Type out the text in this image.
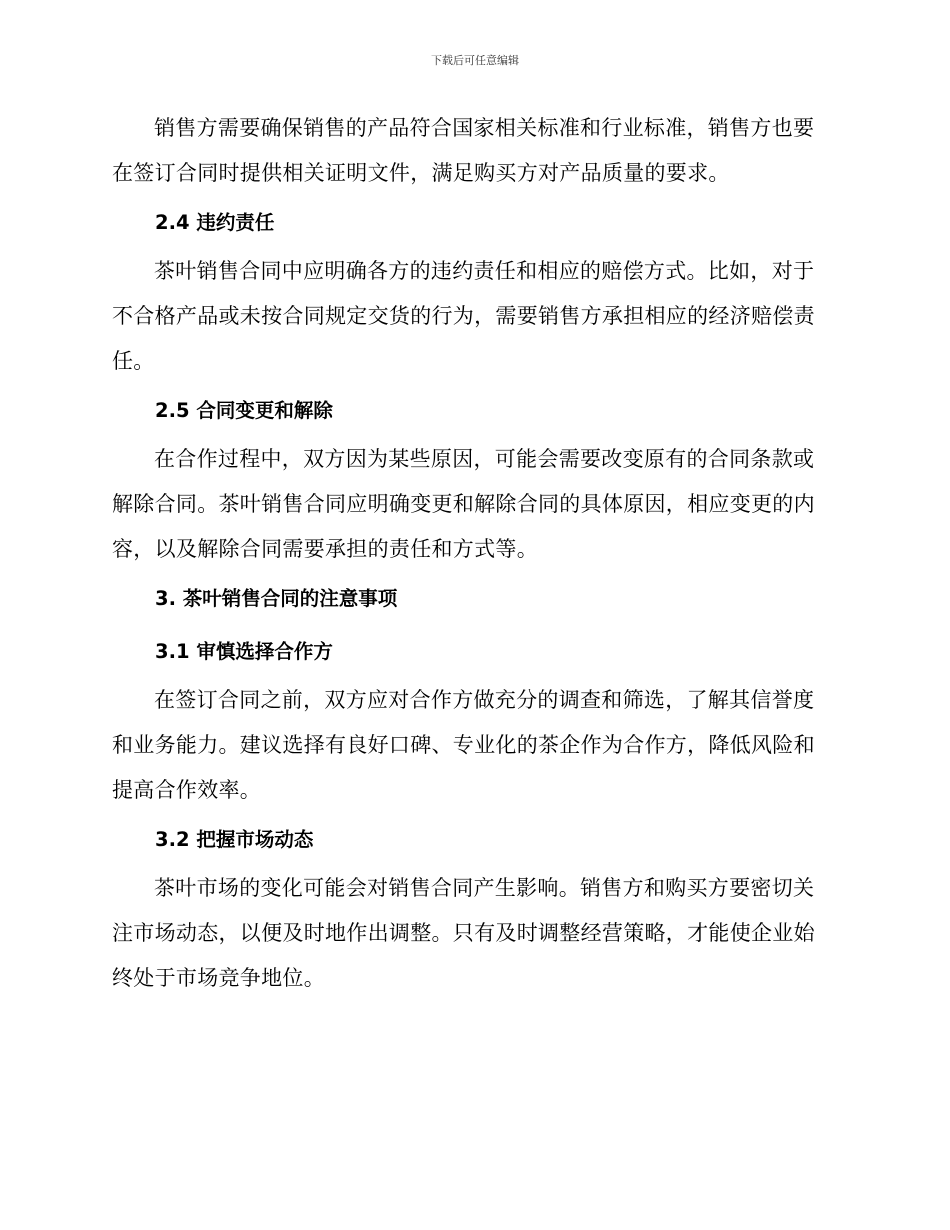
下载后可任意编辑

销售方需要确保销售的产品符合国家相关标准和行业标准，销售方也要在签订合同时提供相关证明文件，满足购买方对产品质量的要求。

2.4 违约责任

茶叶销售合同中应明确各方的违约责任和相应的赔偿方式。比如，对于不合格产品或未按合同规定交货的行为，需要销售方承担相应的经济赔偿责任。

2.5 合同变更和解除

在合作过程中，双方因为某些原因，可能会需要改变原有的合同条款或解除合同。茶叶销售合同应明确变更和解除合同的具体原因，相应变更的内容，以及解除合同需要承担的责任和方式等。

3. 茶叶销售合同的注意事项
3.1 审慎选择合作方

在签订合同之前，双方应对合作方做充分的调查和筛选，了解其信誉度和业务能力。建议选择有良好口碑、专业化的茶企作为合作方，降低风险和提高合作效率。

3.2 把握市场动态

茶叶市场的变化可能会对销售合同产生影响。销售方和购买方要密切关注市场动态，以便及时地作出调整。只有及时调整经营策略，才能使企业始终处于市场竞争地位。
